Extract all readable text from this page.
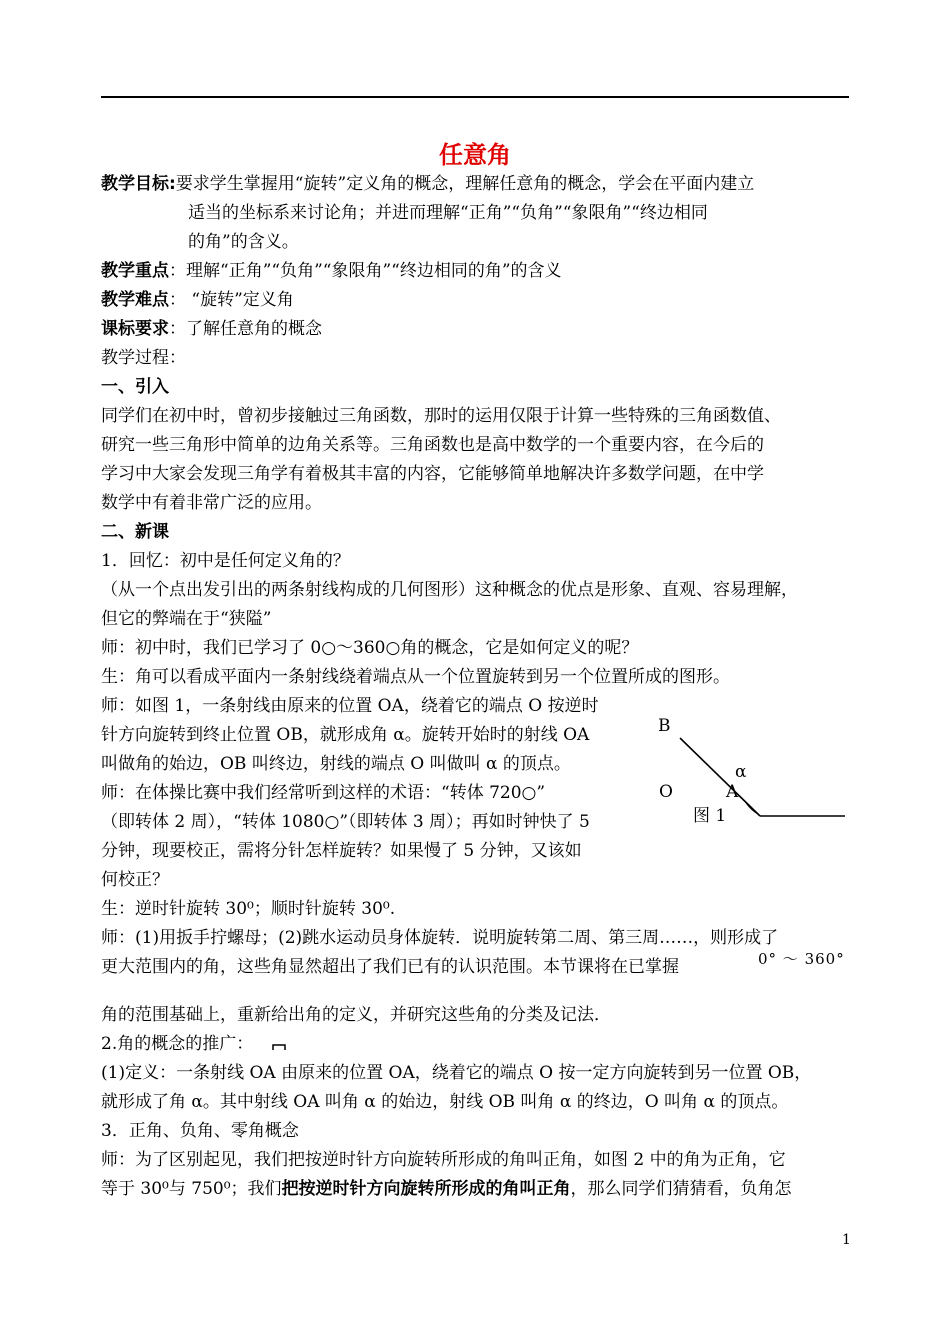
任意角
教学目标:要求学生掌握用“旋转”定义角的概念，理解任意角的概念，学会在平面内建立
适当的坐标系来讨论角；并进而理解“正角”“负角”“象限角”“终边相同
的角”的含义。
教学重点：理解“正角”“负角”“象限角”“终边相同的角”的含义
教学难点： “旋转”定义角
课标要求：了解任意角的概念
教学过程：
一、引入
同学们在初中时，曾初步接触过三角函数，那时的运用仅限于计算一些特殊的三角函数值、
研究一些三角形中简单的边角关系等。三角函数也是高中数学的一个重要内容，在今后的
学习中大家会发现三角学有着极其丰富的内容，它能够简单地解决许多数学问题，在中学
数学中有着非常广泛的应用。
二、新课
1．回忆：初中是任何定义角的？
（从一个点出发引出的两条射线构成的几何图形）这种概念的优点是形象、直观、容易理解，
但它的弊端在于“狭隘”
师：初中时，我们已学习了 0○～360○角的概念，它是如何定义的呢？
生：角可以看成平面内一条射线绕着端点从一个位置旋转到另一个位置所成的图形。
师：如图 1，一条射线由原来的位置 OA，绕着它的端点 O 按逆时
针方向旋转到终止位置 OB，就形成角 α。旋转开始时的射线 OA
叫做角的始边，OB 叫终边，射线的端点 O 叫做叫 α 的顶点。
师：在体操比赛中我们经常听到这样的术语：“转体 720○”
（即转体 2 周），“转体 1080○”（即转体 3 周）；再如时钟快了 5
分钟，现要校正，需将分针怎样旋转？如果慢了 5 分钟，又该如
何校正？
生：逆时针旋转 30⁰；顺时针旋转 30⁰.
师：(1)用扳手拧螺母；(2)跳水运动员身体旋转．说明旋转第二周、第三周……，则形成了
更大范围内的角，这些角显然超出了我们已有的认识范围。本节课将在已掌握	0° ～ 360°
角的范围基础上，重新给出角的定义，并研究这些角的分类及记法．
2.角的概念的推广：
(1)定义：一条射线 OA 由原来的位置 OA，绕着它的端点 O 按一定方向旋转到另一位置 OB，
就形成了角 α。其中射线 OA 叫角 α 的始边，射线 OB 叫角 α 的终边，O 叫角 α 的顶点。
3．正角、负角、零角概念
师：为了区别起见，我们把按逆时针方向旋转所形成的角叫正角，如图 2 中的角为正角，它
等于 30⁰与 750⁰；我们把按逆时针方向旋转所形成的角叫正角，那么同学们猜猜看，负角怎
B
α
O	A
图 1
1
